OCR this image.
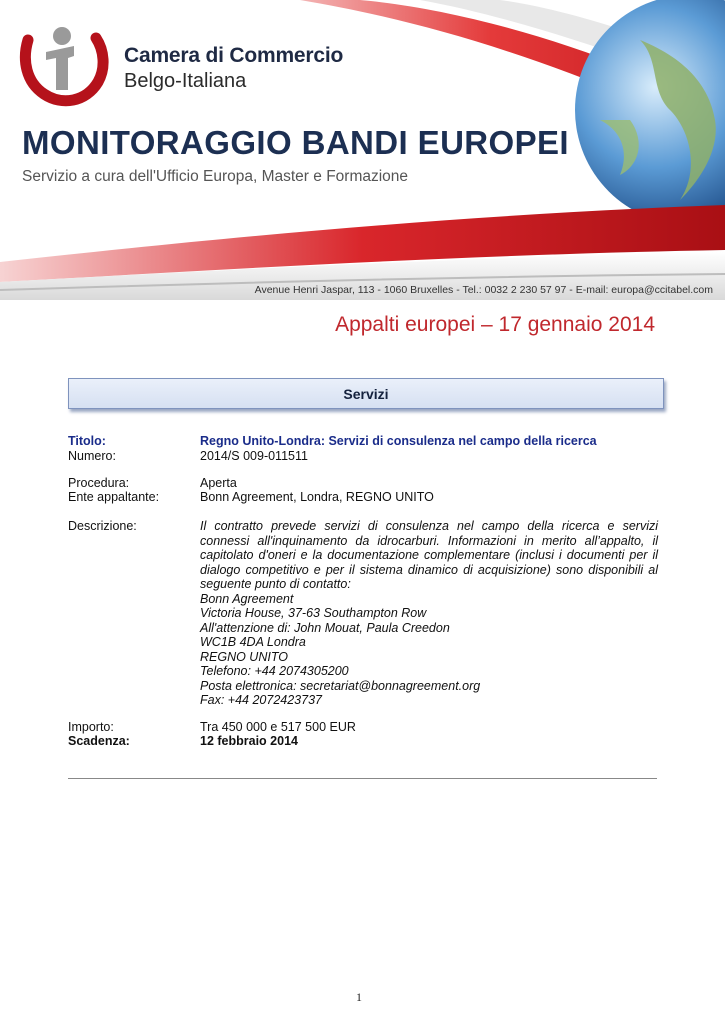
Camera di Commercio
Belgo-Italiana
MONITORAGGIO BANDI EUROPEI
Servizio a cura dell'Ufficio Europa, Master e Formazione
Avenue Henri Jaspar, 113 - 1060 Bruxelles - Tel.: 0032 2 230 57 97 - E-mail: europa@ccitabel.com
Appalti europei – 17 gennaio 2014
Servizi
Titolo:	Regno Unito-Londra: Servizi di consulenza nel campo della ricerca
Numero:	2014/S 009-011511
Procedura:	Aperta
Ente appaltante:	Bonn Agreement, Londra, REGNO UNITO
Descrizione:	Il contratto prevede servizi di consulenza nel campo della ricerca e servizi connessi all'inquinamento da idrocarburi. Informazioni in merito all’appalto, il capitolato d'oneri e la documentazione complementare (inclusi i documenti per il dialogo competitivo e per il sistema dinamico di acquisizione) sono disponibili al seguente punto di contatto:
Bonn Agreement
Victoria House, 37-63 Southampton Row
All'attenzione di: John Mouat, Paula Creedon
WC1B 4DA Londra
REGNO UNITO
Telefono: +44 2074305200
Posta elettronica: secretariat@bonnagreement.org
Fax: +44 2072423737
Importo:	Tra 450 000 e 517 500 EUR
Scadenza:	12 febbraio 2014
1
